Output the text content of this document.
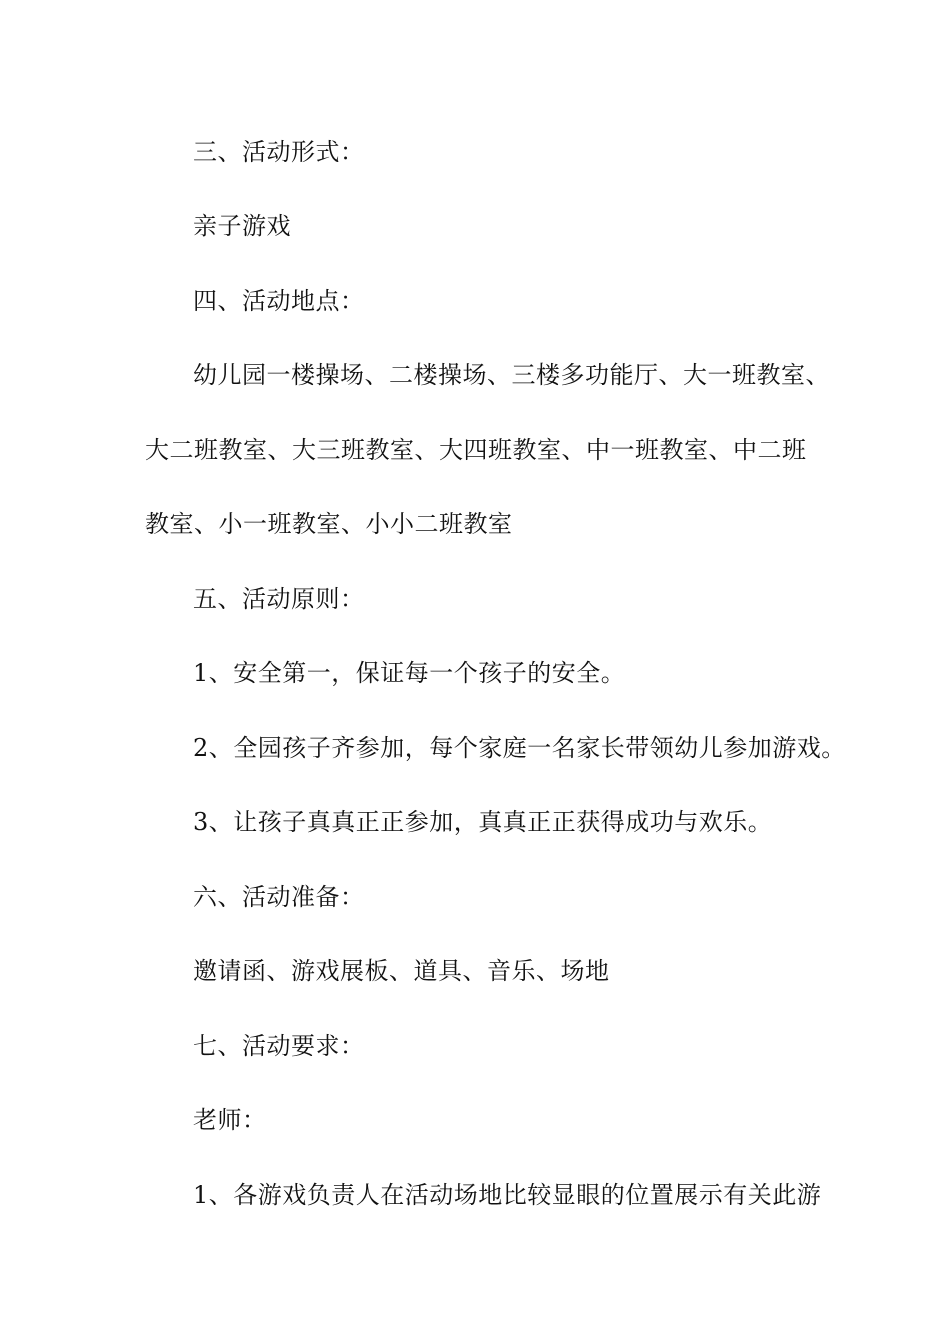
三、活动形式：
亲子游戏
四、活动地点：
幼儿园一楼操场、二楼操场、三楼多功能厅、大一班教室、
大二班教室、大三班教室、大四班教室、中一班教室、中二班
教室、小一班教室、小小二班教室
五、活动原则：
1、安全第一，保证每一个孩子的安全。
2、全园孩子齐参加，每个家庭一名家长带领幼儿参加游戏。
3、让孩子真真正正参加，真真正正获得成功与欢乐。
六、活动准备：
邀请函、游戏展板、道具、音乐、场地
七、活动要求：
老师：
1、各游戏负责人在活动场地比较显眼的位置展示有关此游
